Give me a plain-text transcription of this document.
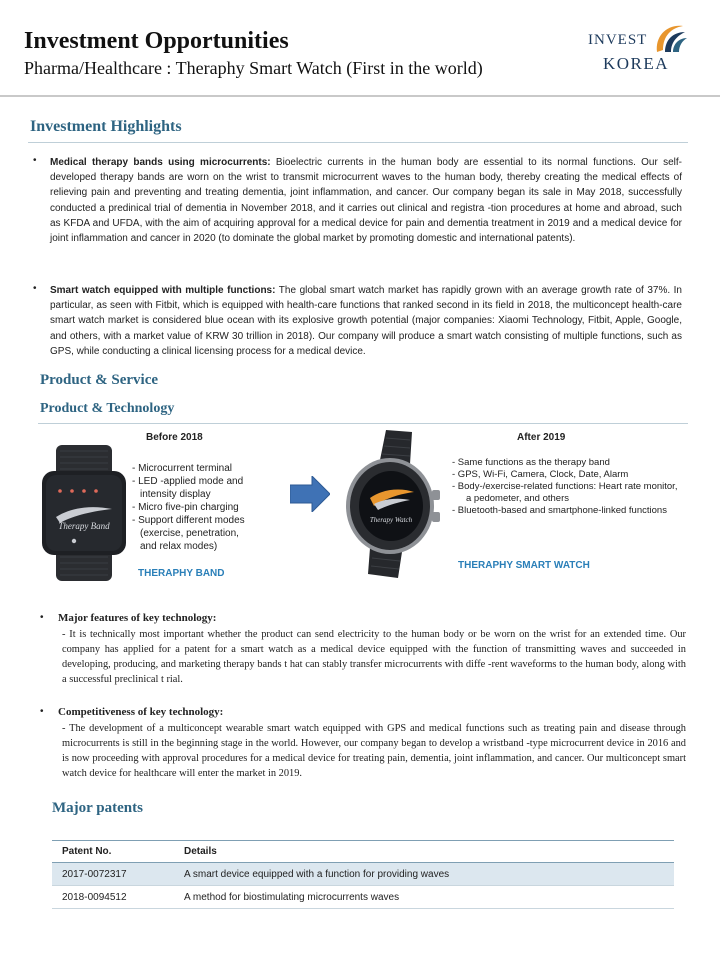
Investment Opportunities
Pharma/Healthcare : Theraphy Smart Watch (First in the world)
INVEST
KOREA
Investment Highlights
• Medical therapy bands using microcurrents: Bioelectric currents in the human body are essential to its normal functions. Our self-developed therapy bands are worn on the wrist to transmit microcurrent waves to the human body, thereby creating the medical effects of relieving pain and preventing and treating dementia, joint inflammation, and cancer. Our company began its sale in May 2018, successfully conducted a predinical trial of dementia in November 2018, and it carries out clinical and registra -tion procedures at home and abroad, such as KFDA and UFDA, with the aim of acquiring approval for a medical device for pain and dementia treatment in 2019 and a medical device for joint inflammation and cancer in 2020 (to dominate the global market by promoting domestic and international patents).
• Smart watch equipped with multiple functions: The global smart watch market has rapidly grown with an average growth rate of 37%. In particular, as seen with Fitbit, which is equipped with health-care functions that ranked second in its field in 2018, the multiconcept health-care smart watch market is considered blue ocean with its explosive growth potential (major companies: Xiaomi Technology, Fitbit, Apple, Google, and others, with a market value of KRW 30 trillion in 2018). Our company will produce a smart watch consisting of multiple functions, such as GPS, while conducting a clinical licensing process for a medical device.
Product & Service
Product & Technology
Before 2018	After 2019
Therapy Band
- Microcurrent terminal
- LED -applied mode and
intensity display
- Micro five-pin charging
- Support different modes
(exercise, penetration,
and relax modes)
THERAPHY BAND
Therapy Watch
- Same functions as the therapy band
- GPS, Wi-Fi, Camera, Clock, Date, Alarm
- Body-/exercise-related functions: Heart rate monitor, a pedometer, and others
- Bluetooth-based and smartphone-linked functions
THERAPHY SMART WATCH
• Major features of key technology:
- It is technically most important whether the product can send electricity to the human body or be worn on the wrist for an extended time. Our company has applied for a patent for a smart watch as a medical device equipped with the function of transmitting waves and succeeded in developing, producing, and marketing therapy bands t hat can stably transfer microcurrents with diffe -rent waveforms to the human body, along with a successful preclinical t rial.
• Competitiveness of key technology:
- The development of a multiconcept wearable smart watch equipped with GPS and medical functions such as treating pain and disease through microcurrents is still in the beginning stage in the world. However, our company began to develop a wristband -type microcurrent device in 2016 and is now proceeding with approval procedures for a medical device for treating pain, dementia, joint inflammation, and cancer. Our multiconcept smart watch device for healthcare will enter the market in 2019.
Major patents
Patent No.	Details
2017-0072317	A smart device equipped with a function for providing waves
2018-0094512	A method for biostimulating microcurrents waves
